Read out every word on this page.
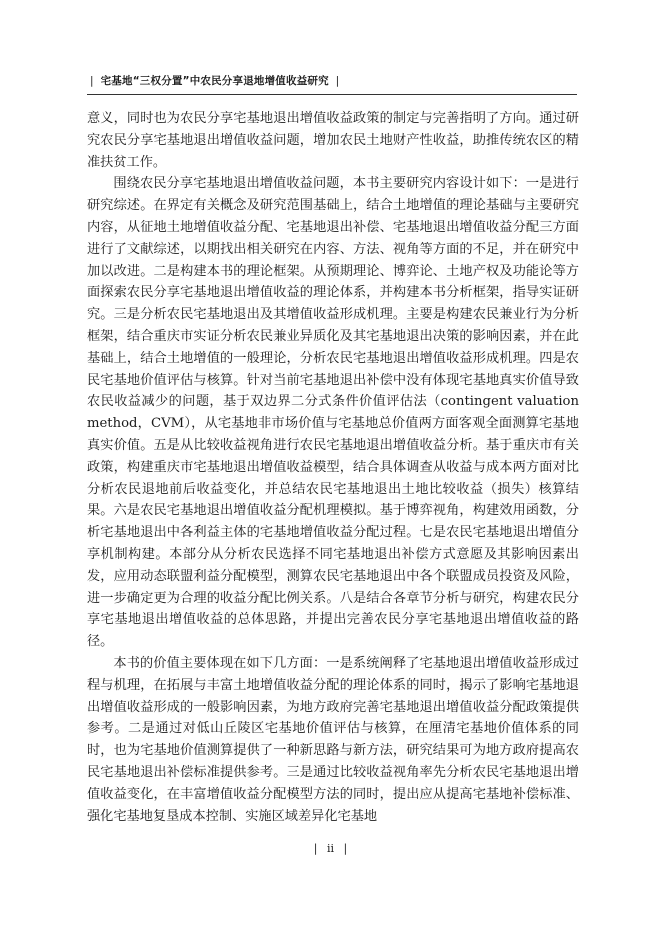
| 宅基地“三权分置”中农民分享退地增值收益研究 |

意义，同时也为农民分享宅基地退出增值收益政策的制定与完善指明了方向。通过研究农民分享宅基地退出增值收益问题，增加农民土地财产性收益，助推传统农区的精准扶贫工作。

围绕农民分享宅基地退出增值收益问题，本书主要研究内容设计如下：一是进行研究综述。在界定有关概念及研究范围基础上，结合土地增值的理论基础与主要研究内容，从征地土地增值收益分配、宅基地退出补偿、宅基地退出增值收益分配三方面进行了文献综述，以期找出相关研究在内容、方法、视角等方面的不足，并在研究中加以改进。二是构建本书的理论框架。从预期理论、博弈论、土地产权及功能论等方面探索农民分享宅基地退出增值收益的理论体系，并构建本书分析框架，指导实证研究。三是分析农民宅基地退出及其增值收益形成机理。主要是构建农民兼业行为分析框架，结合重庆市实证分析农民兼业异质化及其宅基地退出决策的影响因素，并在此基础上，结合土地增值的一般理论，分析农民宅基地退出增值收益形成机理。四是农民宅基地价值评估与核算。针对当前宅基地退出补偿中没有体现宅基地真实价值导致农民收益减少的问题，基于双边界二分式条件价值评估法（contingent valuation method，CVM），从宅基地非市场价值与宅基地总价值两方面客观全面测算宅基地真实价值。五是从比较收益视角进行农民宅基地退出增值收益分析。基于重庆市有关政策，构建重庆市宅基地退出增值收益模型，结合具体调查从收益与成本两方面对比分析农民退地前后收益变化，并总结农民宅基地退出土地比较收益（损失）核算结果。六是农民宅基地退出增值收益分配机理模拟。基于博弈视角，构建效用函数，分析宅基地退出中各利益主体的宅基地增值收益分配过程。七是农民宅基地退出增值分享机制构建。本部分从分析农民选择不同宅基地退出补偿方式意愿及其影响因素出发，应用动态联盟利益分配模型，测算农民宅基地退出中各个联盟成员投资及风险，进一步确定更为合理的收益分配比例关系。八是结合各章节分析与研究，构建农民分享宅基地退出增值收益的总体思路，并提出完善农民分享宅基地退出增值收益的路径。

本书的价值主要体现在如下几方面：一是系统阐释了宅基地退出增值收益形成过程与机理，在拓展与丰富土地增值收益分配的理论体系的同时，揭示了影响宅基地退出增值收益形成的一般影响因素，为地方政府完善宅基地退出增值收益分配政策提供参考。二是通过对低山丘陵区宅基地价值评估与核算，在厘清宅基地价值体系的同时，也为宅基地价值测算提供了一种新思路与新方法，研究结果可为地方政府提高农民宅基地退出补偿标准提供参考。三是通过比较收益视角率先分析农民宅基地退出增值收益变化，在丰富增值收益分配模型方法的同时，提出应从提高宅基地补偿标准、强化宅基地复垦成本控制、实施区域差异化宅基地

| ii |
